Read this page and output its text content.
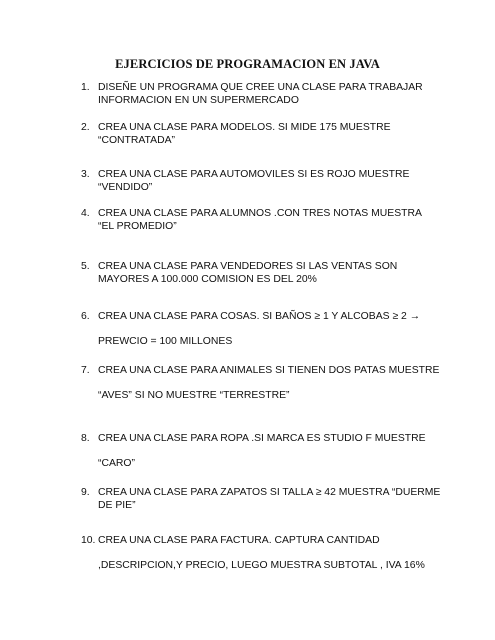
EJERCICIOS DE PROGRAMACION EN JAVA
1. DISEÑE UN PROGRAMA QUE CREE UNA CLASE PARA TRABAJAR
INFORMACION EN UN SUPERMERCADO
2. CREA UNA CLASE PARA MODELOS. SI MIDE 175 MUESTRE
“CONTRATADA”
3. CREA UNA CLASE PARA AUTOMOVILES SI ES ROJO MUESTRE
“VENDIDO”
4. CREA UNA CLASE PARA ALUMNOS .CON TRES NOTAS MUESTRA
“EL PROMEDIO”
5. CREA UNA CLASE PARA VENDEDORES SI LAS VENTAS SON
MAYORES A 100.000 COMISION ES DEL 20%
6. CREA UNA CLASE PARA COSAS. SI BAÑOS ≥ 1 Y ALCOBAS ≥ 2 →
PREWCIO = 100 MILLONES
7. CREA UNA CLASE PARA ANIMALES SI TIENEN DOS PATAS MUESTRE
“AVES” SI NO MUESTRE “TERRESTRE”
8. CREA UNA CLASE PARA ROPA .SI MARCA ES STUDIO F MUESTRE
“CARO”
9. CREA UNA CLASE PARA ZAPATOS SI TALLA ≥ 42 MUESTRA “DUERME
DE PIE”
10. CREA UNA CLASE PARA FACTURA. CAPTURA CANTIDAD
,DESCRIPCION,Y PRECIO, LUEGO MUESTRA SUBTOTAL , IVA 16%
